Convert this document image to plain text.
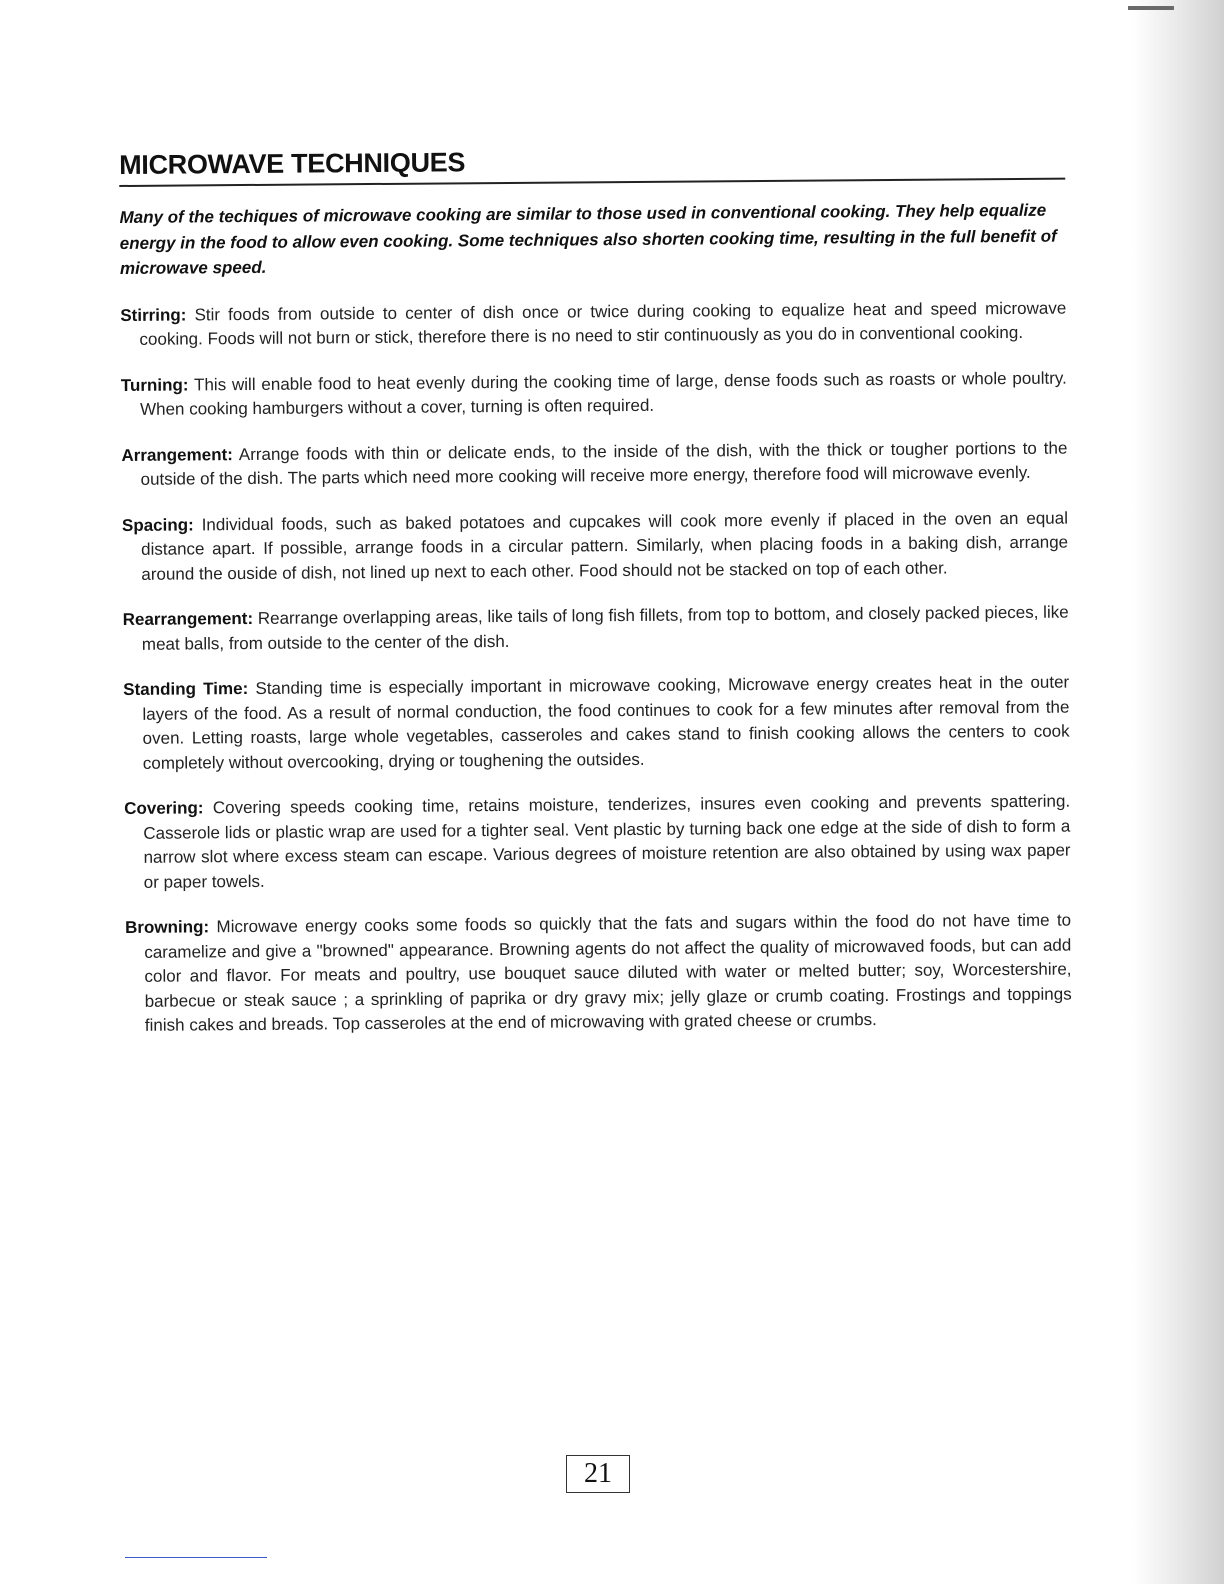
MICROWAVE TECHNIQUES

Many of the techiques of microwave cooking are similar to those used in conventional cooking. They help equalize energy in the food to allow even cooking. Some techniques also shorten cooking time, resulting in the full benefit of microwave speed.

Stirring: Stir foods from outside to center of dish once or twice during cooking to equalize heat and speed microwave cooking. Foods will not burn or stick, therefore there is no need to stir continuously as you do in conventional cooking.

Turning: This will enable food to heat evenly during the cooking time of large, dense foods such as roasts or whole poultry. When cooking hamburgers without a cover, turning is often required.

Arrangement: Arrange foods with thin or delicate ends, to the inside of the dish, with the thick or tougher portions to the outside of the dish. The parts which need more cooking will receive more energy, therefore food will microwave evenly.

Spacing: Individual foods, such as baked potatoes and cupcakes will cook more evenly if placed in the oven an equal distance apart. If possible, arrange foods in a circular pattern. Similarly, when placing foods in a baking dish, arrange around the ouside of dish, not lined up next to each other. Food should not be stacked on top of each other.

Rearrangement: Rearrange overlapping areas, like tails of long fish fillets, from top to bottom, and closely packed pieces, like meat balls, from outside to the center of the dish.

Standing Time: Standing time is especially important in microwave cooking, Microwave energy creates heat in the outer layers of the food. As a result of normal conduction, the food continues to cook for a few minutes after removal from the oven. Letting roasts, large whole vegetables, casseroles and cakes stand to finish cooking allows the centers to cook completely without overcooking, drying or toughening the outsides.

Covering: Covering speeds cooking time, retains moisture, tenderizes, insures even cooking and prevents spattering. Casserole lids or plastic wrap are used for a tighter seal. Vent plastic by turning back one edge at the side of dish to form a narrow slot where excess steam can escape. Various degrees of moisture retention are also obtained by using wax paper or paper towels.

Browning: Microwave energy cooks some foods so quickly that the fats and sugars within the food do not have time to caramelize and give a "browned" appearance. Browning agents do not affect the quality of microwaved foods, but can add color and flavor. For meats and poultry, use bouquet sauce diluted with water or melted butter; soy, Worcestershire, barbecue or steak sauce ; a sprinkling of paprika or dry gravy mix; jelly glaze or crumb coating. Frostings and toppings finish cakes and breads. Top casseroles at the end of microwaving with grated cheese or crumbs.

21
